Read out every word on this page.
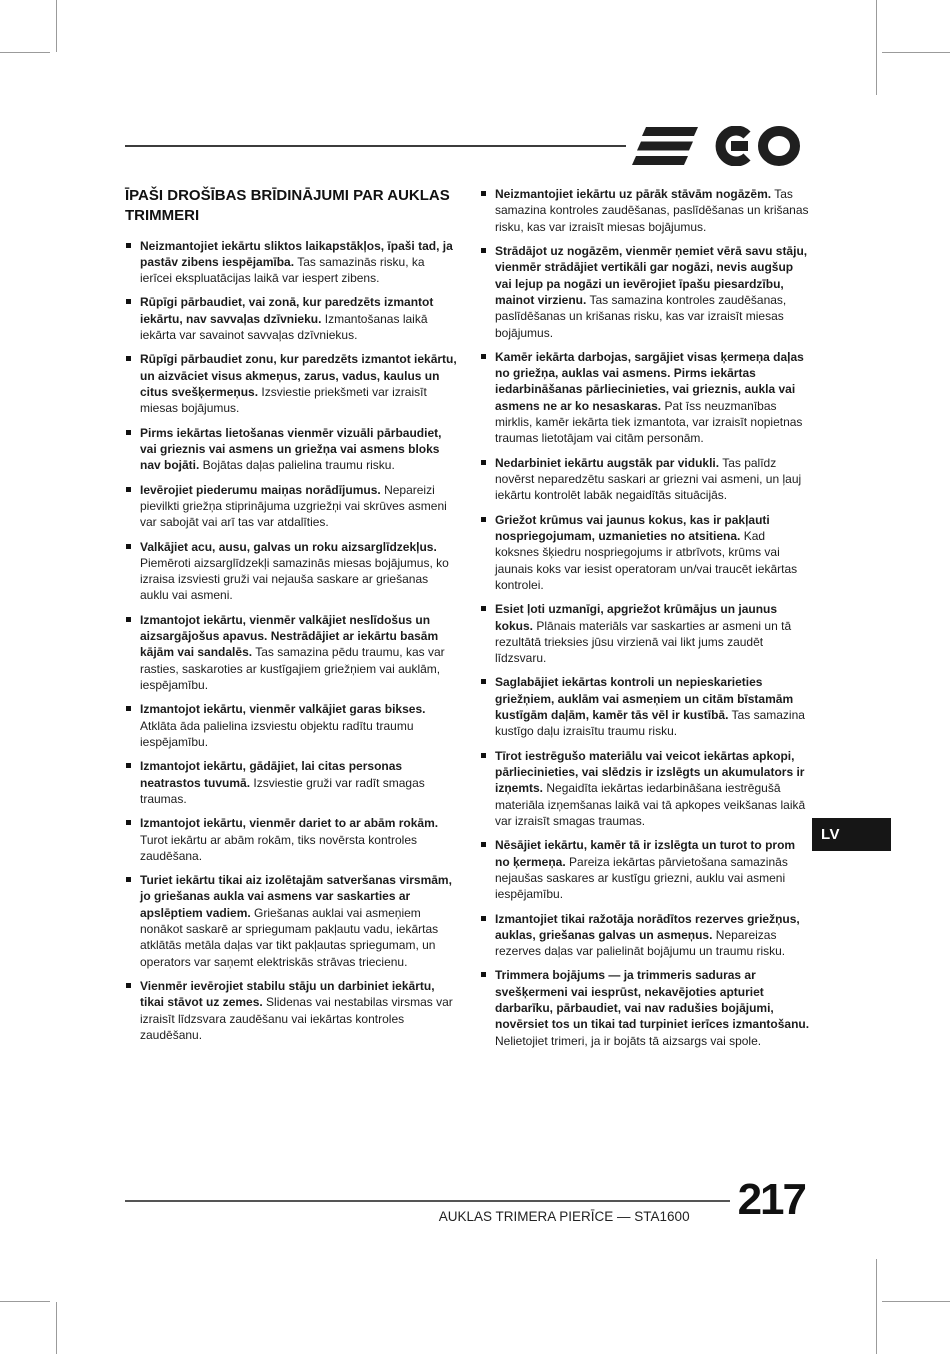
ĪPAŠI DROŠĪBAS BRĪDINĀJUMI PAR AUKLAS TRIMMERI
Neizmantojiet iekārtu sliktos laikapstākļos, īpaši tad, ja pastāv zibens iespējamība. Tas samazinās risku, ka ierīcei ekspluatācijas laikā var iespert zibens.
Rūpīgi pārbaudiet, vai zonā, kur paredzēts izmantot iekārtu, nav savvaļas dzīvnieku. Izmantošanas laikā iekārta var savainot savvaļas dzīvniekus.
Rūpīgi pārbaudiet zonu, kur paredzēts izmantot iekārtu, un aizvāciet visus akmeņus, zarus, vadus, kaulus un citus svešķermeņus. Izsviestie priekšmeti var izraisīt miesas bojājumus.
Pirms iekārtas lietošanas vienmēr vizuāli pārbaudiet, vai grieznis vai asmens un griežņa vai asmens bloks nav bojāti. Bojātas daļas palielina traumu risku.
Ievērojiet piederumu maiņas norādījumus. Nepareizi pievilkti griežņa stiprinājuma uzgriežņi vai skrūves asmeni var sabojāt vai arī tas var atdalīties.
Valkājiet acu, ausu, galvas un roku aizsarglīdzekļus. Piemēroti aizsarglīdzekļi samazinās miesas bojājumus, ko izraisa izsviesti gruži vai nejauša saskare ar griešanas auklu vai asmeni.
Izmantojot iekārtu, vienmēr valkājiet neslīdošus un aizsargājošus apavus. Nestrādājiet ar iekārtu basām kājām vai sandalēs. Tas samazina pēdu traumu, kas var rasties, saskaroties ar kustīgajiem griežņiem vai auklām, iespējamību.
Izmantojot iekārtu, vienmēr valkājiet garas bikses. Atklāta āda palielina izsviestu objektu radītu traumu iespējamību.
Izmantojot iekārtu, gādājiet, lai citas personas neatrastos tuvumā. Izsviestie gruži var radīt smagas traumas.
Izmantojot iekārtu, vienmēr dariet to ar abām rokām. Turot iekārtu ar abām rokām, tiks novērsta kontroles zaudēšana.
Turiet iekārtu tikai aiz izolētajām satveršanas virsmām, jo griešanas aukla vai asmens var saskarties ar apslēptiem vadiem. Griešanas auklai vai asmeņiem nonākot saskarē ar spriegumam pakļautu vadu, iekārtas atklātās metāla daļas var tikt pakļautas spriegumam, un operators var saņemt elektriskās strāvas triecienu.
Vienmēr ievērojiet stabilu stāju un darbiniet iekārtu, tikai stāvot uz zemes. Slidenas vai nestabilas virsmas var izraisīt līdzsvara zaudēšanu vai iekārtas kontroles zaudēšanu.
Neizmantojiet iekārtu uz pārāk stāvām nogāzēm. Tas samazina kontroles zaudēšanas, paslīdēšanas un krišanas risku, kas var izraisīt miesas bojājumus.
Strādājot uz nogāzēm, vienmēr ņemiet vērā savu stāju, vienmēr strādājiet vertikāli gar nogāzi, nevis augšup vai lejup pa nogāzi un ievērojiet īpašu piesardzību, mainot virzienu. Tas samazina kontroles zaudēšanas, paslīdēšanas un krišanas risku, kas var izraisīt miesas bojājumus.
Kamēr iekārta darbojas, sargājiet visas ķermeņa daļas no griežņa, auklas vai asmens. Pirms iekārtas iedarbināšanas pārliecinieties, vai grieznis, aukla vai asmens ne ar ko nesaskaras. Pat īss neuzmanības mirklis, kamēr iekārta tiek izmantota, var izraisīt nopietnas traumas lietotājam vai citām personām.
Nedarbiniet iekārtu augstāk par vidukli. Tas palīdz novērst neparedzētu saskari ar griezni vai asmeni, un ļauj iekārtu kontrolēt labāk negaidītās situācijās.
Griežot krūmus vai jaunus kokus, kas ir pakļauti nospriegojumam, uzmanieties no atsitiena. Kad koksnes šķiedru nospriegojums ir atbrīvots, krūms vai jaunais koks var iesist operatoram un/vai traucēt iekārtas kontrolei.
Esiet ļoti uzmanīgi, apgriežot krūmājus un jaunus kokus. Plānais materiāls var saskarties ar asmeni un tā rezultātā trieksies jūsu virzienā vai likt jums zaudēt līdzsvaru.
Saglabājiet iekārtas kontroli un nepieskarieties griežņiem, auklām vai asmeņiem un citām bīstamām kustīgām daļām, kamēr tās vēl ir kustībā. Tas samazina kustīgo daļu izraisītu traumu risku.
Tīrot iestrēgušo materiālu vai veicot iekārtas apkopi, pārliecinieties, vai slēdzis ir izslēgts un akumulators ir izņemts. Negaidīta iekārtas iedarbināšana iestrēgušā materiāla izņemšanas laikā vai tā apkopes veikšanas laikā var izraisīt smagas traumas.
Nēsājiet iekārtu, kamēr tā ir izslēgta un turot to prom no ķermeņa. Pareiza iekārtas pārvietošana samazinās nejaušas saskares ar kustīgu griezni, auklu vai asmeni iespējamību.
Izmantojiet tikai ražotāja norādītos rezerves griežņus, auklas, griešanas galvas un asmeņus. Nepareizas rezerves daļas var palielināt bojājumu un traumu risku.
Trimmera bojājums — ja trimmeris saduras ar svešķermeni vai iesprūst, nekavējoties apturiet darbarīku, pārbaudiet, vai nav radušies bojājumi, novērsiet tos un tikai tad turpiniet ierīces izmantošanu. Nelietojiet trimeri, ja ir bojāts tā aizsargs vai spole.
LV
AUKLAS TRIMERA PIERĪCE — STA1600	217
